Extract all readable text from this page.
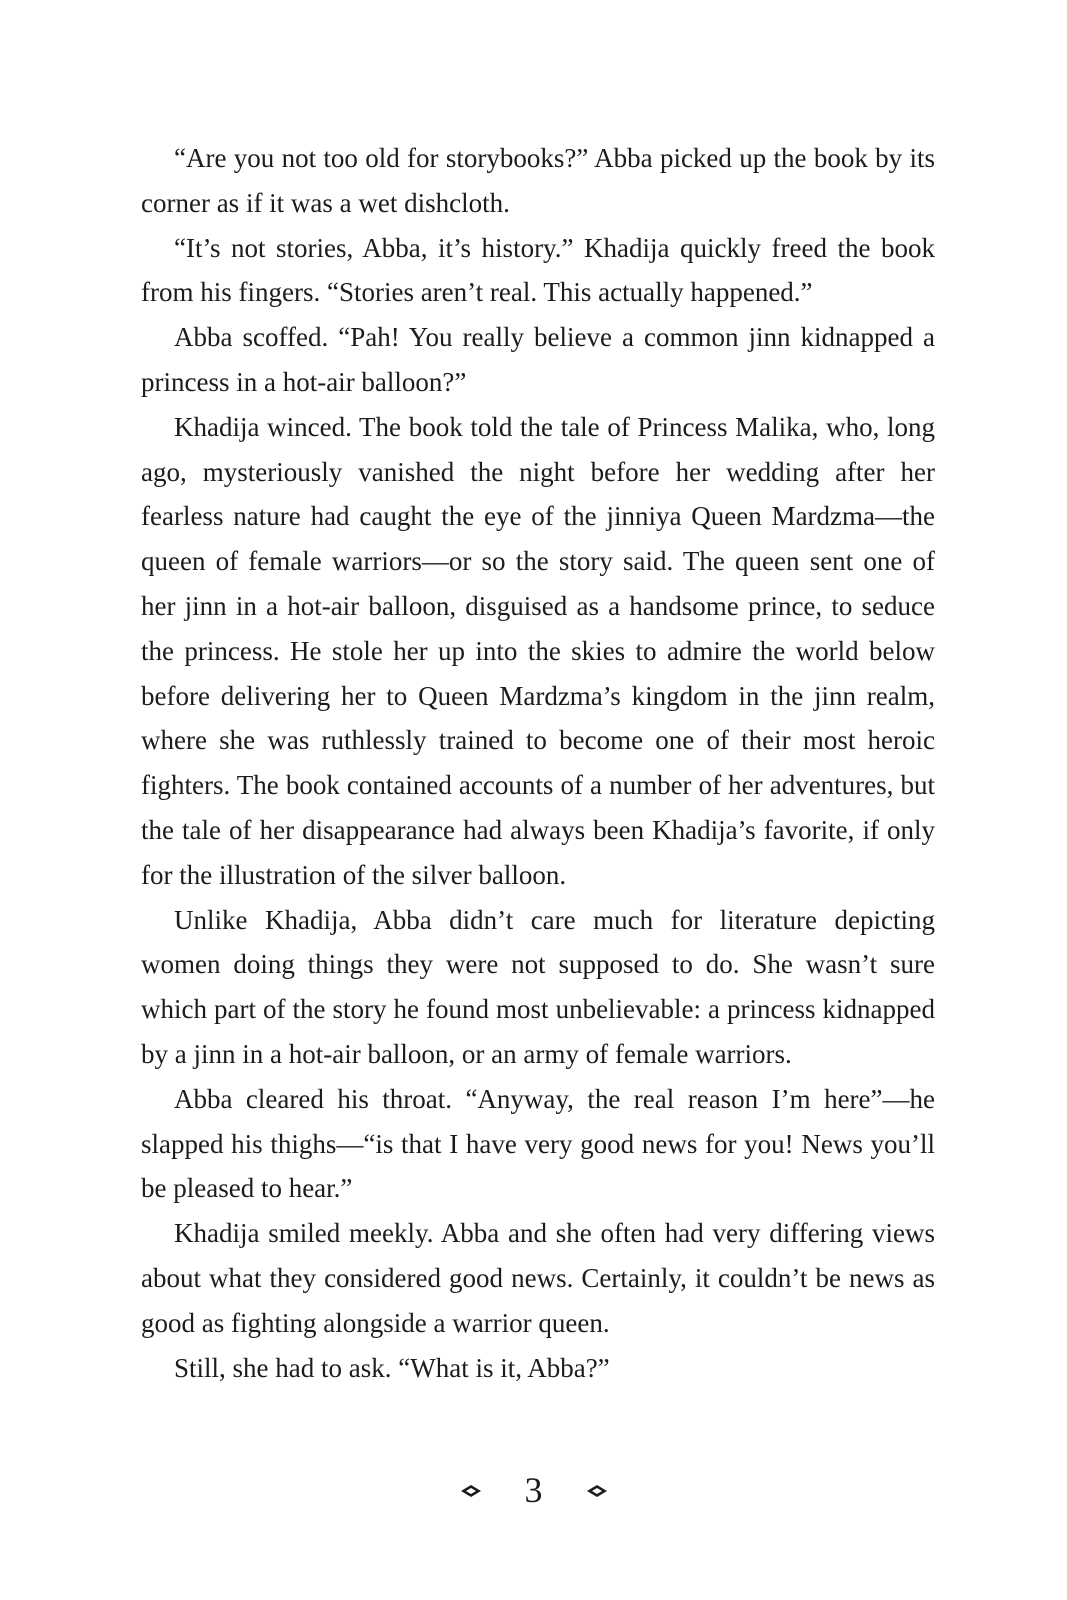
“Are you not too old for storybooks?” Abba picked up the book by its corner as if it was a wet dishcloth.

“It’s not stories, Abba, it’s history.” Khadija quickly freed the book from his fingers. “Stories aren’t real. This actually happened.”

Abba scoffed. “Pah! You really believe a common jinn kidnapped a princess in a hot-air balloon?”

Khadija winced. The book told the tale of Princess Malika, who, long ago, mysteriously vanished the night before her wedding after her fearless nature had caught the eye of the jinniya Queen Mardzma—the queen of female warriors—or so the story said. The queen sent one of her jinn in a hot-air balloon, disguised as a handsome prince, to seduce the princess. He stole her up into the skies to admire the world below before delivering her to Queen Mardzma’s kingdom in the jinn realm, where she was ruthlessly trained to become one of their most heroic fighters. The book contained accounts of a number of her adventures, but the tale of her disappearance had always been Khadija’s favorite, if only for the illustration of the silver balloon.

Unlike Khadija, Abba didn’t care much for literature depicting women doing things they were not supposed to do. She wasn’t sure which part of the story he found most unbelievable: a princess kidnapped by a jinn in a hot-air balloon, or an army of female warriors.

Abba cleared his throat. “Anyway, the real reason I’m here”—he slapped his thighs—“is that I have very good news for you! News you’ll be pleased to hear.”

Khadija smiled meekly. Abba and she often had very differing views about what they considered good news. Certainly, it couldn’t be news as good as fighting alongside a warrior queen.

Still, she had to ask. “What is it, Abba?”

3
